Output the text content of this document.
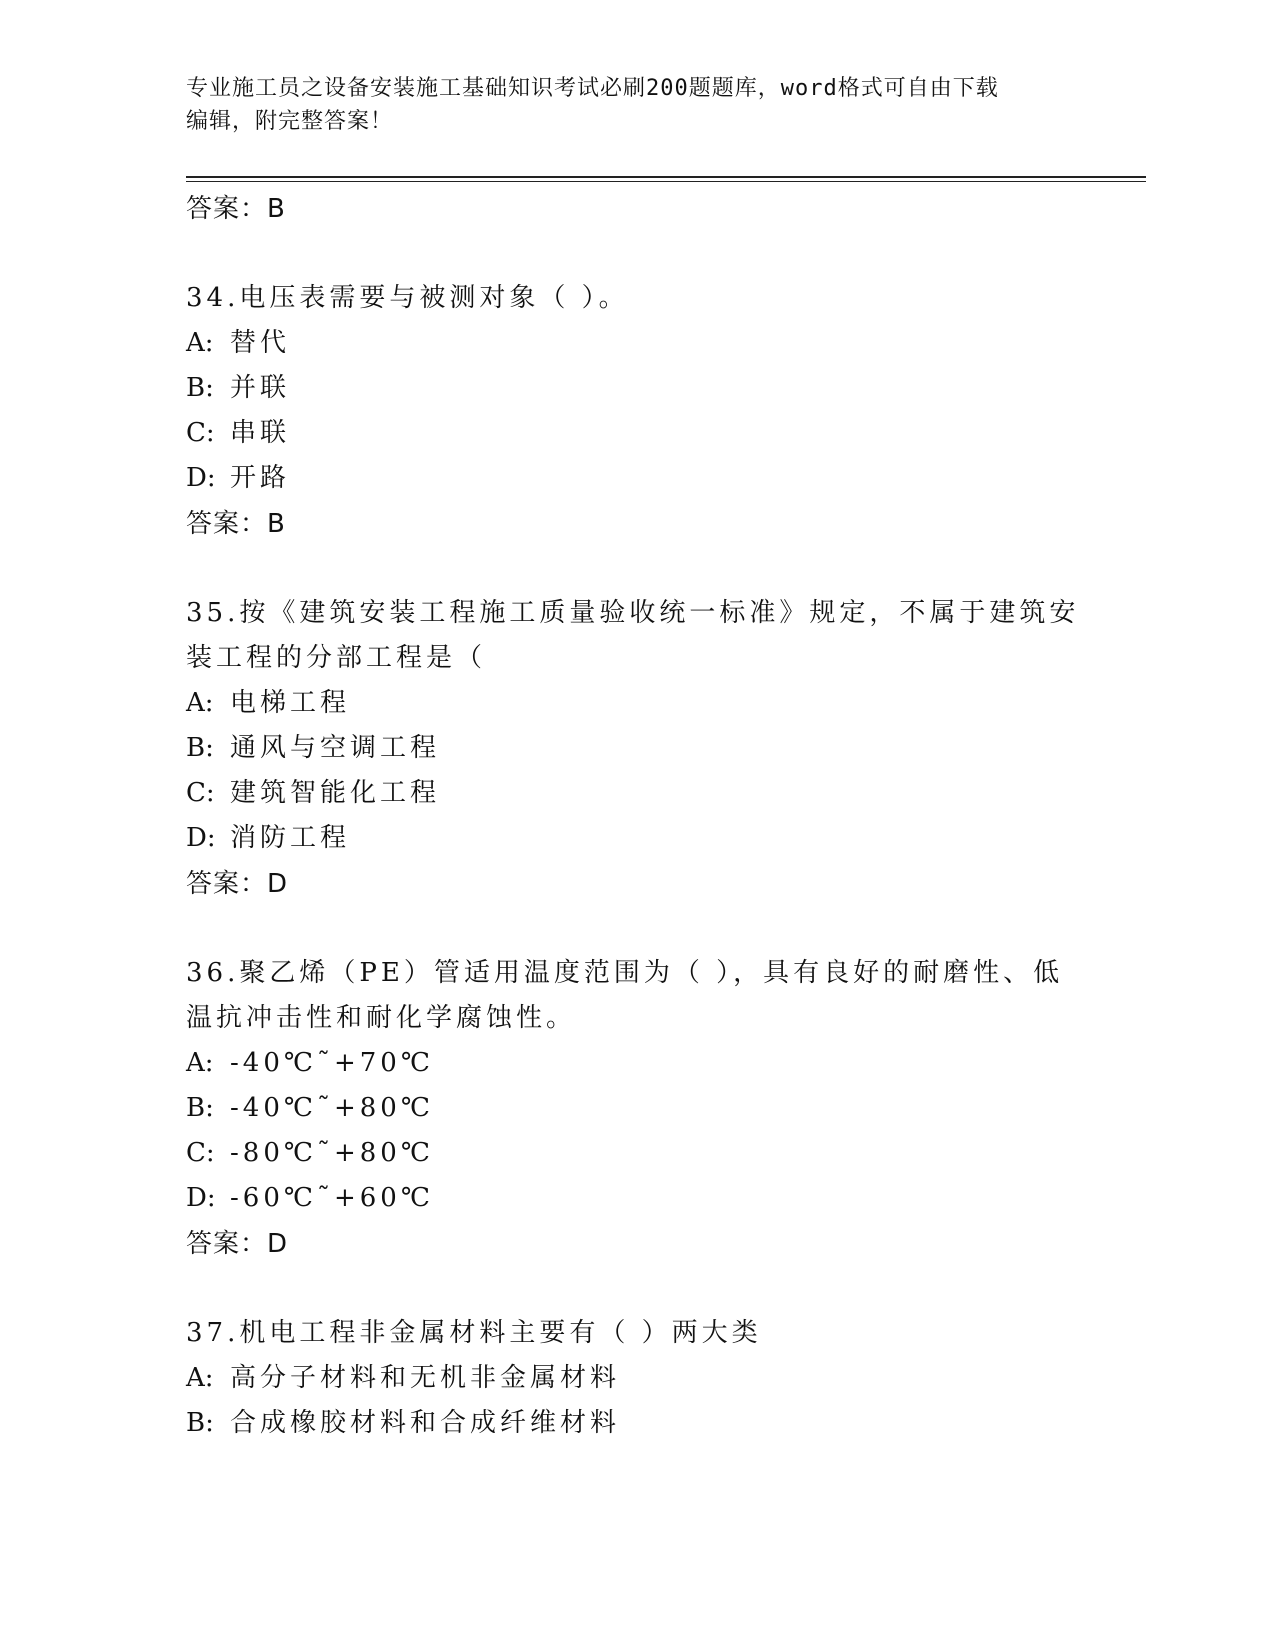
专业施工员之设备安装施工基础知识考试必刷200题题库，word格式可自由下载
编辑，附完整答案！
答案：B
34.电压表需要与被测对象（ ）。
A: 替代
B: 并联
C: 串联
D: 开路
答案：B
35.按《建筑安装工程施工质量验收统一标准》规定，不属于建筑安装工程的分部工程是（
A: 电梯工程
B: 通风与空调工程
C: 建筑智能化工程
D: 消防工程
答案：D
36.聚乙烯（PE）管适用温度范围为（ ），具有良好的耐磨性、低温抗冲击性和耐化学腐蚀性。
A: -40℃˜+70℃
B: -40℃˜+80℃
C: -80℃˜+80℃
D: -60℃˜+60℃
答案：D
37.机电工程非金属材料主要有（ ）两大类
A: 高分子材料和无机非金属材料
B: 合成橡胶材料和合成纤维材料
